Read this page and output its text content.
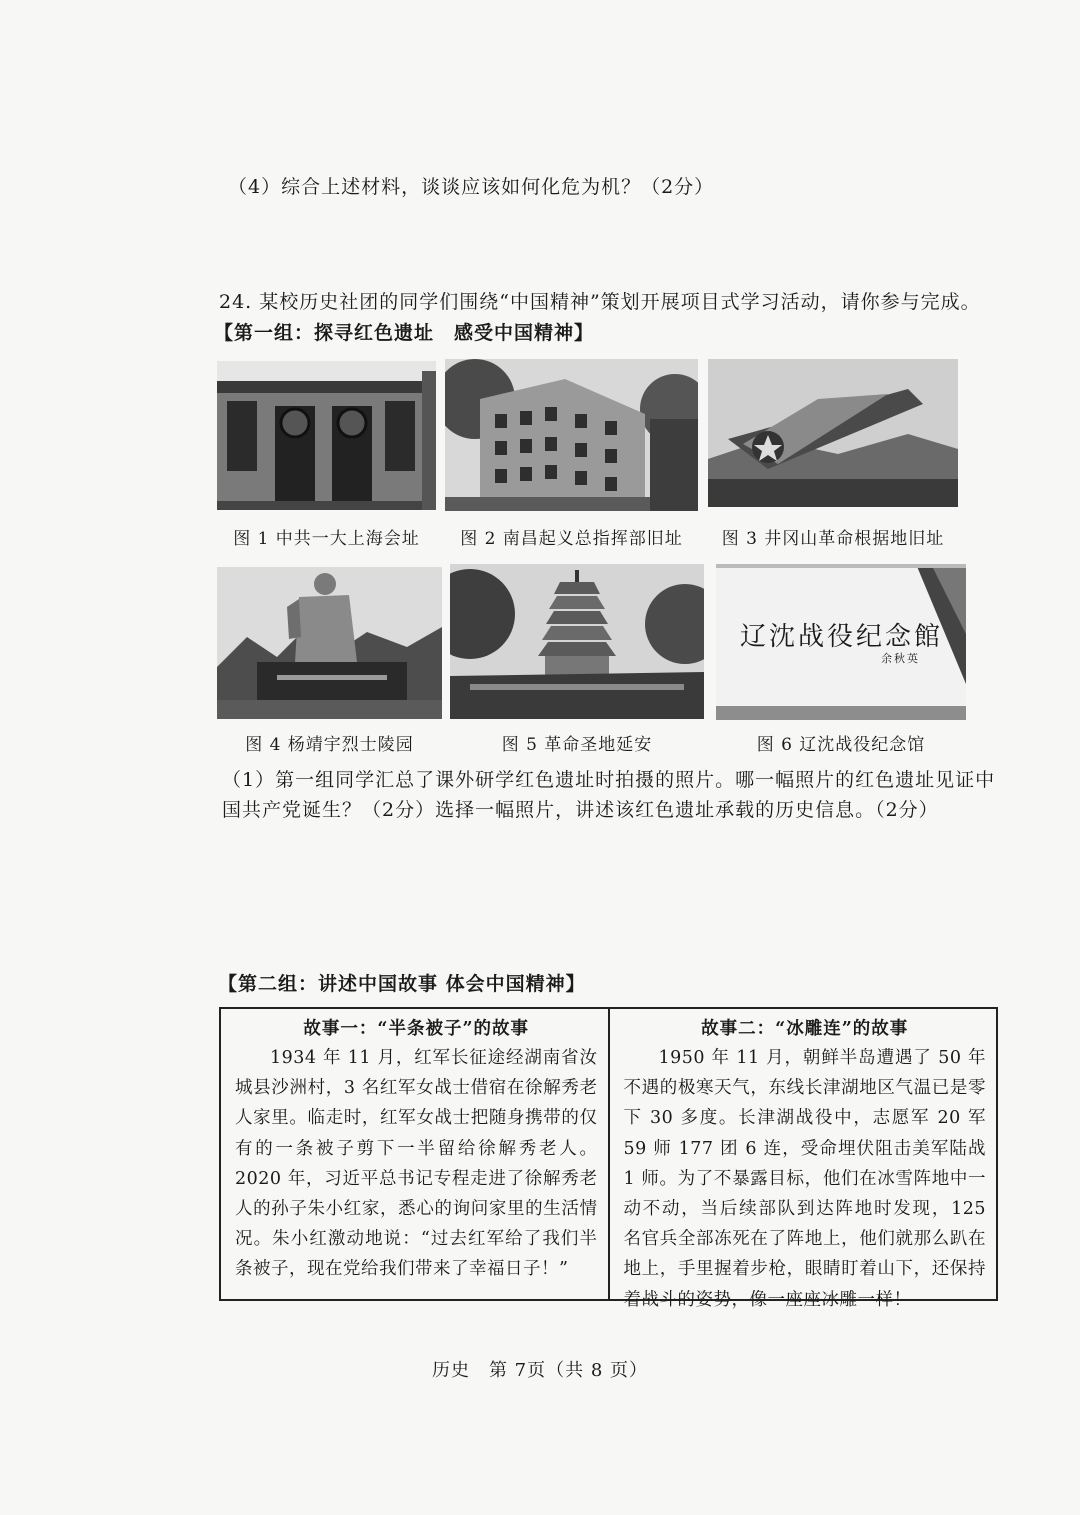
（4）综合上述材料，谈谈应该如何化危为机？（2分）
24. 某校历史社团的同学们围绕“中国精神”策划开展项目式学习活动，请你参与完成。
【第一组：探寻红色遗址　感受中国精神】
图 1 中共一大上海会址	图 2 南昌起义总指挥部旧址	图 3 井冈山革命根据地旧址
图 4 杨靖宇烈士陵园	图 5 革命圣地延安
辽沈战役纪念館
余秋英
图 6 辽沈战役纪念馆
（1）第一组同学汇总了课外研学红色遗址时拍摄的照片。哪一幅照片的红色遗址见证中
国共产党诞生？（2分）选择一幅照片，讲述该红色遗址承载的历史信息。（2分）
【第二组：讲述中国故事 体会中国精神】
故事一：“半条被子”的故事
1934 年 11 月，红军长征途经湖南省汝城县沙洲村，3 名红军女战士借宿在徐解秀老人家里。临走时，红军女战士把随身携带的仅有的一条被子剪下一半留给徐解秀老人。2020 年，习近平总书记专程走进了徐解秀老人的孙子朱小红家，悉心的询问家里的生活情况。朱小红激动地说：“过去红军给了我们半条被子，现在党给我们带来了幸福日子！”
故事二：“冰雕连”的故事
1950 年 11 月，朝鲜半岛遭遇了 50 年不遇的极寒天气，东线长津湖地区气温已是零下 30 多度。长津湖战役中，志愿军 20 军 59 师 177 团 6 连，受命埋伏阻击美军陆战 1 师。为了不暴露目标，他们在冰雪阵地中一动不动，当后续部队到达阵地时发现，125 名官兵全部冻死在了阵地上，他们就那么趴在地上，手里握着步枪，眼睛盯着山下，还保持着战斗的姿势，像一座座冰雕一样！
历史　第 7页（共 8 页）
